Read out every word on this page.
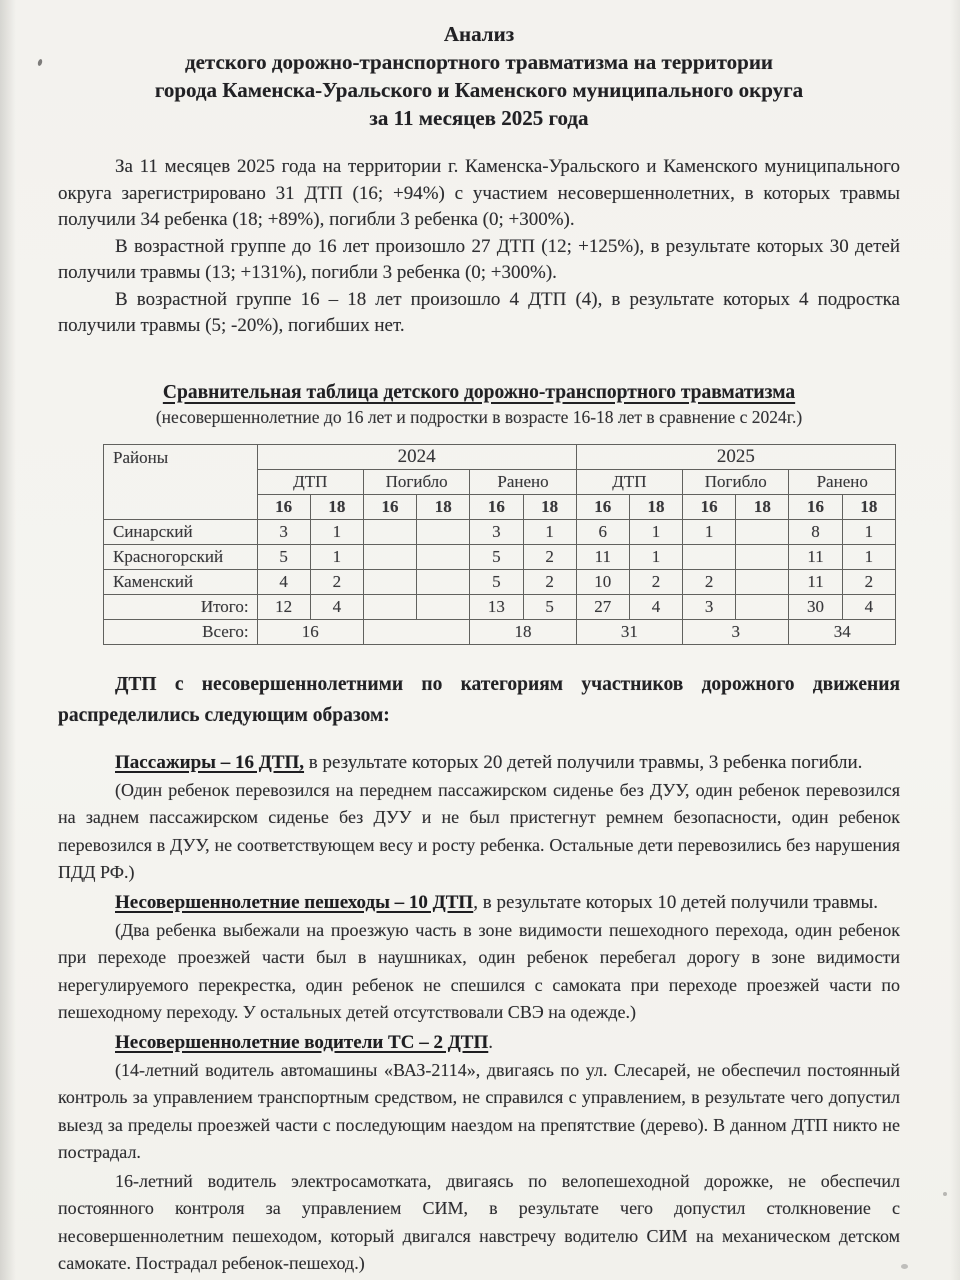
Анализ
детского дорожно-транспортного травматизма на территории
города Каменска-Уральского и Каменского муниципального округа
за 11 месяцев 2025 года

За 11 месяцев 2025 года на территории г. Каменска-Уральского и Каменского муниципального округа зарегистрировано 31 ДТП (16; +94%) с участием несовершеннолетних, в которых травмы получили 34 ребенка (18; +89%), погибли 3 ребенка (0; +300%).

В возрастной группе до 16 лет произошло 27 ДТП (12; +125%), в результате которых 30 детей получили травмы (13; +131%), погибли 3 ребенка (0; +300%).

В возрастной группе 16 – 18 лет произошло 4 ДТП (4), в результате которых 4 подростка получили травмы (5; -20%), погибших нет.

Сравнительная таблица детского дорожно-транспортного травматизма
(несовершеннолетние до 16 лет и подростки в возрасте 16-18 лет в сравнение с 2024г.)
Районы	2024						2025					
	ДТП		Погибло		Ранено		ДТП		Погибло		Ранено	
	16	18	16	18	16	18	16	18	16	18	16	18
Синарский	3	1			3	1	6	1	1		8	1
Красногорский	5	1			5	2	11	1			11	1
Каменский	4	2			5	2	10	2	2		11	2
Итого:	12	4			13	5	27	4	3		30	4
Всего:	16				18		31		3		34	

ДТП с несовершеннолетними по категориям участников дорожного движения распределились следующим образом:

Пассажиры – 16 ДТП, в результате которых 20 детей получили травмы, 3 ребенка погибли.

(Один ребенок перевозился на переднем пассажирском сиденье без ДУУ, один ребенок перевозился на заднем пассажирском сиденье без ДУУ и не был пристегнут ремнем безопасности, один ребенок перевозился в ДУУ, не соответствующем весу и росту ребенка. Остальные дети перевозились без нарушения ПДД РФ.)

Несовершеннолетние пешеходы – 10 ДТП, в результате которых 10 детей получили травмы.

(Два ребенка выбежали на проезжую часть в зоне видимости пешеходного перехода, один ребенок при переходе проезжей части был в наушниках, один ребенок перебегал дорогу в зоне видимости нерегулируемого перекрестка, один ребенок не спешился с самоката при переходе проезжей части по пешеходному переходу. У остальных детей отсутствовали СВЭ на одежде.)

Несовершеннолетние водители ТС – 2 ДТП.

(14-летний водитель автомашины «ВАЗ-2114», двигаясь по ул. Слесарей, не обеспечил постоянный контроль за управлением транспортным средством, не справился с управлением, в результате чего допустил выезд за пределы проезжей части с последующим наездом на препятствие (дерево). В данном ДТП никто не пострадал.

16-летний водитель электросамотката, двигаясь по велопешеходной дорожке, не обеспечил постоянного контроля за управлением СИМ, в результате чего допустил столкновение с несовершеннолетним пешеходом, который двигался навстречу водителю СИМ на механическом детском самокате. Пострадал ребенок-пешеход.)
